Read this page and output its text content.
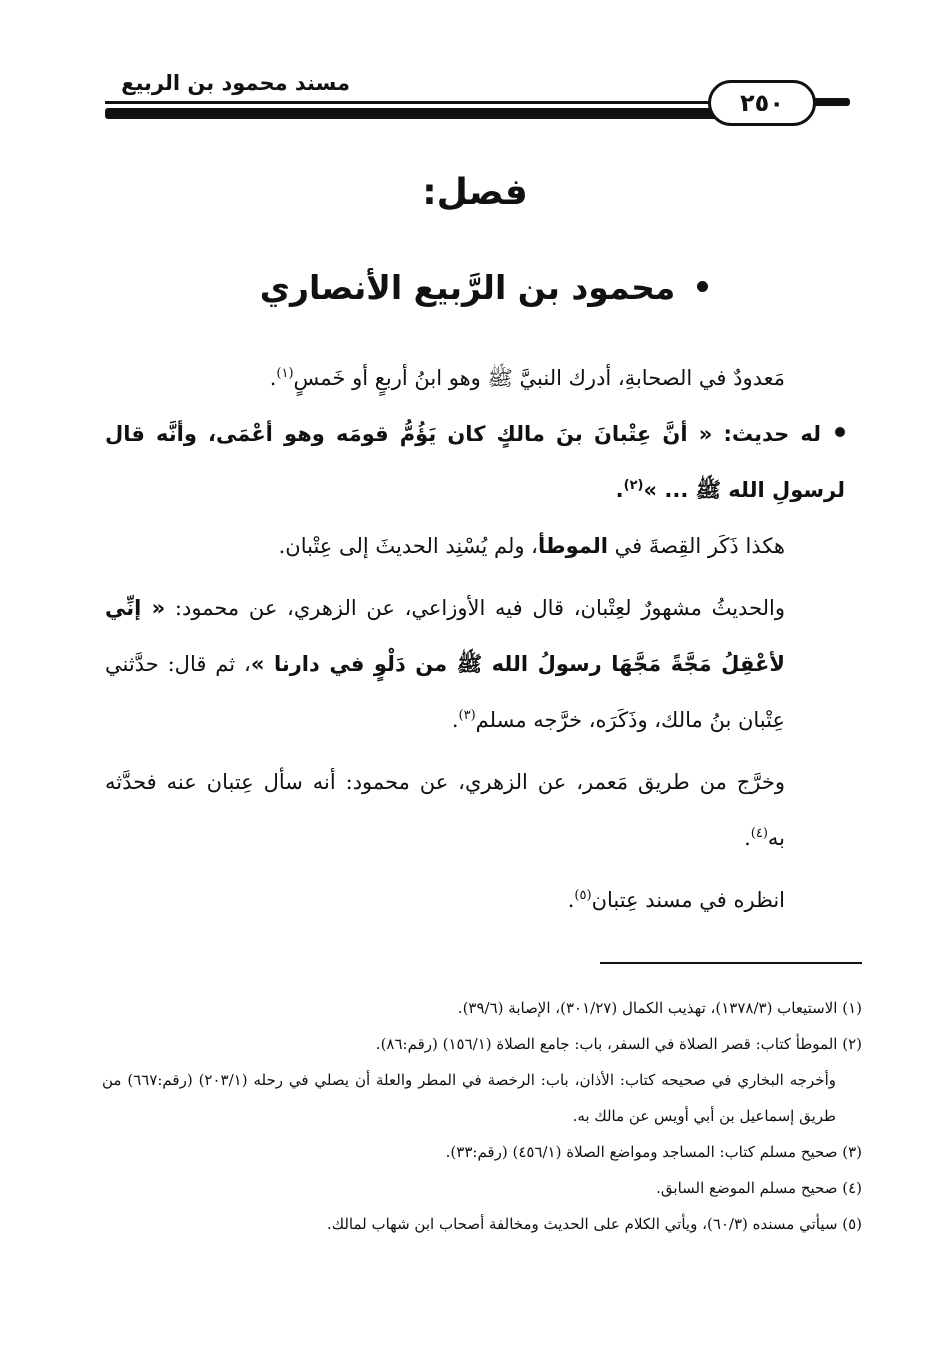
مسند محمود بن الربيع
٢٥٠
فصل:
محمود بن الرَّبيع الأنصاري

مَعدودٌ في الصحابةِ، أدرك النبيَّ ﷺ وهو ابنُ أربعٍ أو خَمسٍ$^{(١)}$.

له حديث: « أنَّ عِتْبانَ بنَ مالكٍ كان يَؤُمُّ قومَه وهو أعْمَى، وأنَّه قال لرسولِ الله ﷺ ... »$^{(٢)}$.

هكذا ذَكَر القِصةَ في الموطأ، ولم يُسْنِد الحديثَ إلى عِتْبان.

والحديثُ مشهورٌ لعِتْبان، قال فيه الأوزاعي، عن الزهري، عن محمود: « إنِّي لأعْقِلُ مَجَّةً مَجَّهَا رسولُ الله ﷺ من دَلْوٍ في دارنا »، ثم قال: حدَّثني عِتْبان بنُ مالك، وذَكَرَه، خرَّجه مسلم$^{(٣)}$.

وخرَّج من طريق مَعمر، عن الزهري، عن محمود: أنه سأل عِتبان عنه فحدَّثه به$^{(٤)}$.

انظره في مسند عِتبان$^{(٥)}$.

(١) الاستيعاب (١٣٧٨/٣)، تهذيب الكمال (٣٠١/٢٧)، الإصابة (٣٩/٦).

(٢) الموطأ كتاب: قصر الصلاة في السفر، باب: جامع الصلاة (١٥٦/١) (رقم:٨٦).

وأخرجه البخاري في صحيحه كتاب: الأذان، باب: الرخصة في المطر والعلة أن يصلي في رحله (٢٠٣/١) (رقم:٦٦٧) من طريق إسماعيل بن أبي أويس عن مالك به.

(٣) صحيح مسلم كتاب: المساجد ومواضع الصلاة (٤٥٦/١) (رقم:٣٣).

(٤) صحيح مسلم الموضع السابق.

(٥) سيأتي مسنده (٦٠/٣)، ويأتي الكلام على الحديث ومخالفة أصحاب ابن شهاب لمالك.
